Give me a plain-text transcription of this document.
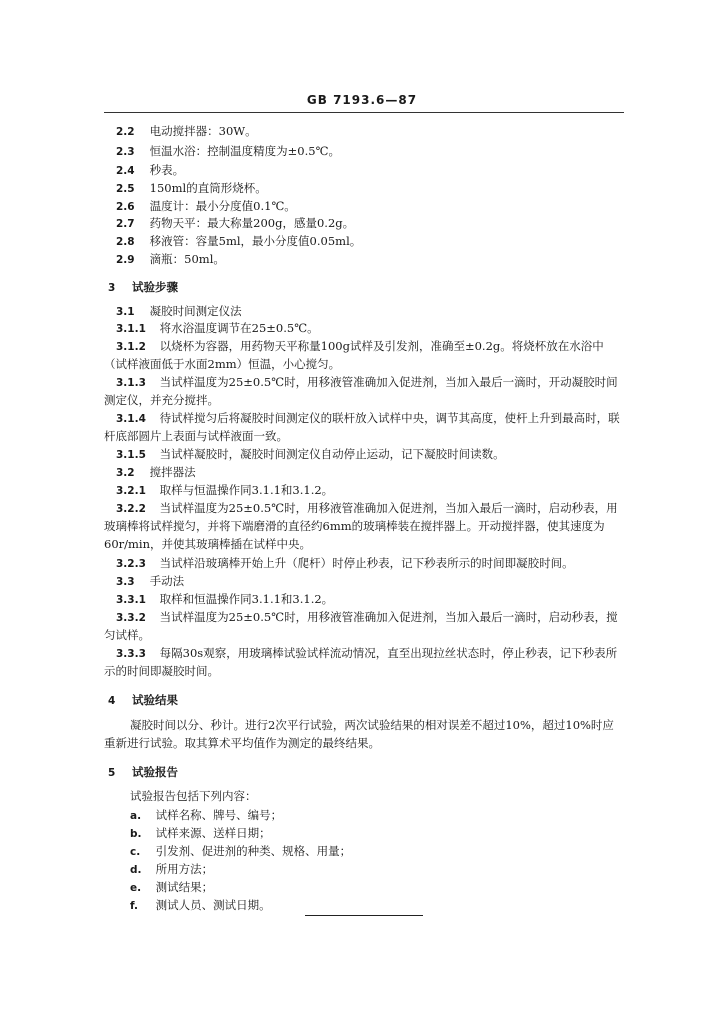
GB 7193.6—87
2.2 电动搅拌器：30W。
2.3 恒温水浴：控制温度精度为±0.5℃。
2.4 秒表。
2.5 150ml的直筒形烧杯。
2.6 温度计：最小分度值0.1℃。
2.7 药物天平：最大称量200g，感量0.2g。
2.8 移液管：容量5ml，最小分度值0.05ml。
2.9 滴瓶：50ml。
3 试验步骤
3.1 凝胶时间测定仪法
3.1.1 将水浴温度调节在25±0.5℃。
3.1.2 以烧杯为容器，用药物天平称量100g试样及引发剂，准确至±0.2g。将烧杯放在水浴中
（试样液面低于水面2mm）恒温，小心搅匀。
3.1.3 当试样温度为25±0.5℃时，用移液管准确加入促进剂，当加入最后一滴时，开动凝胶时间
测定仪，并充分搅拌。
3.1.4 待试样搅匀后将凝胶时间测定仪的联杆放入试样中央，调节其高度，使杆上升到最高时，联
杆底部圆片上表面与试样液面一致。
3.1.5 当试样凝胶时，凝胶时间测定仪自动停止运动，记下凝胶时间读数。
3.2 搅拌器法
3.2.1 取样与恒温操作同3.1.1和3.1.2。
3.2.2 当试样温度为25±0.5℃时，用移液管准确加入促进剂，当加入最后一滴时，启动秒表，用
玻璃棒将试样搅匀，并将下端磨滑的直径约6mm的玻璃棒装在搅拌器上。开动搅拌器，使其速度为
60r/min，并使其玻璃棒插在试样中央。
3.2.3 当试样沿玻璃棒开始上升（爬杆）时停止秒表，记下秒表所示的时间即凝胶时间。
3.3 手动法
3.3.1 取样和恒温操作同3.1.1和3.1.2。
3.3.2 当试样温度为25±0.5℃时，用移液管准确加入促进剂，当加入最后一滴时，启动秒表，搅
匀试样。
3.3.3 每隔30s观察，用玻璃棒试验试样流动情况，直至出现拉丝状态时，停止秒表，记下秒表所
示的时间即凝胶时间。
4 试验结果
凝胶时间以分、秒计。进行2次平行试验，两次试验结果的相对误差不超过10%，超过10%时应
重新进行试验。取其算术平均值作为测定的最终结果。
5 试验报告
试验报告包括下列内容：
a. 试样名称、牌号、编号；
b. 试样来源、送样日期；
c. 引发剂、促进剂的种类、规格、用量；
d. 所用方法；
e. 测试结果；
f. 测试人员、测试日期。
